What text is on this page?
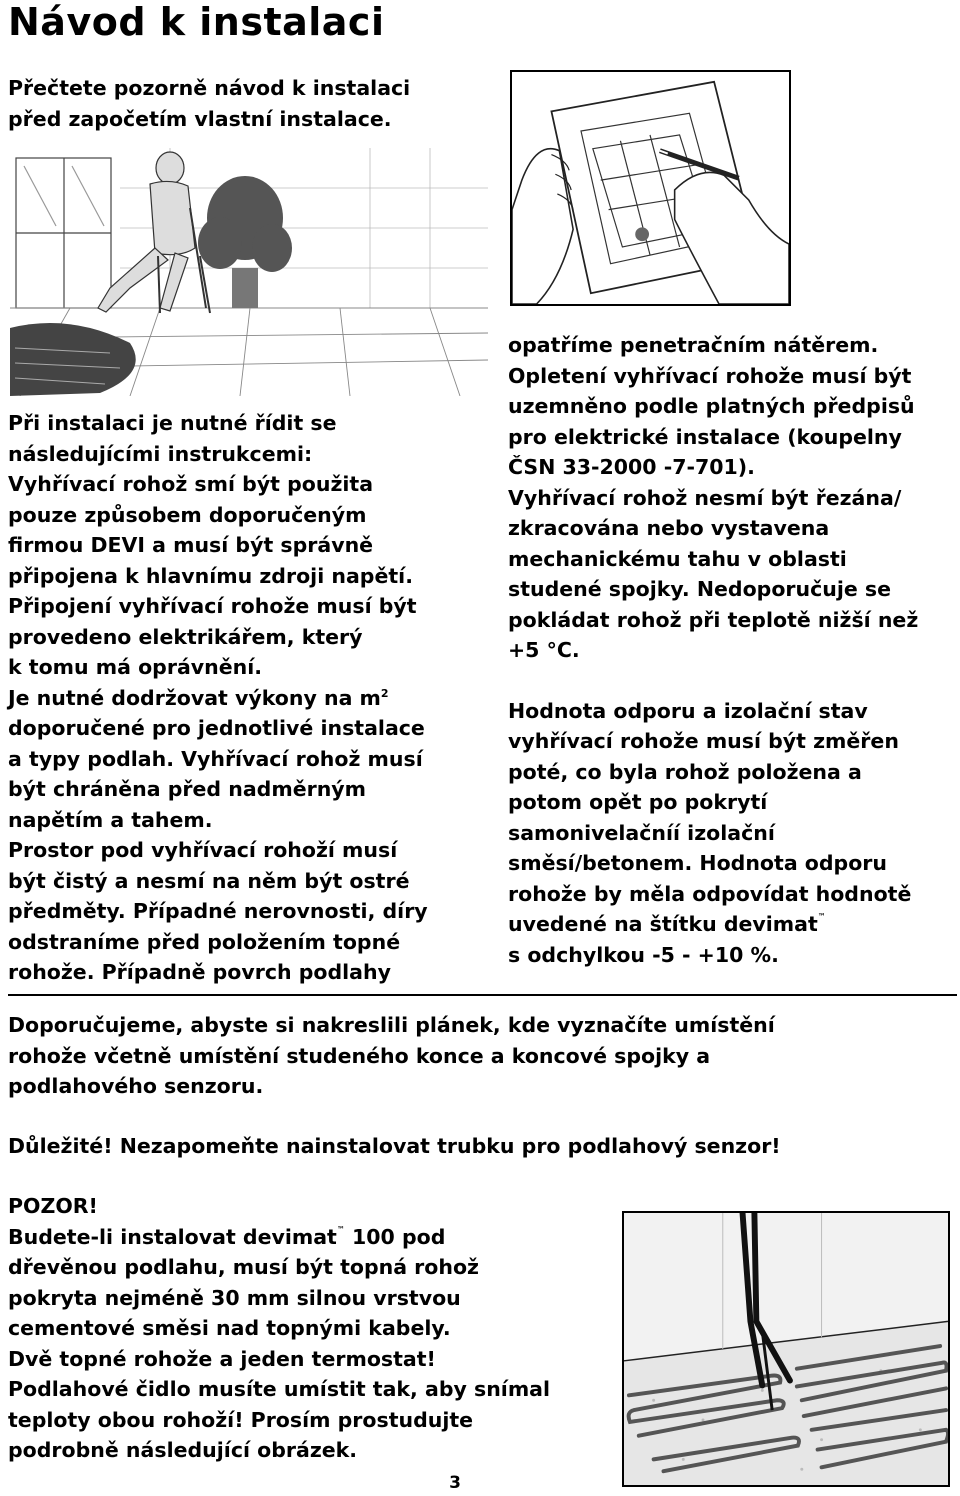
Návod k instalaci

Přečtete pozorně návod k instalaci

před započetím vlastní instalace.

Při instalaci je nutné řídit se

následujícími instrukcemi:

Vyhřívací rohož smí být použita

pouze způsobem doporučeným

firmou DEVI a musí být správně

připojena k hlavnímu zdroji napětí.

Připojení vyhřívací rohože musí být

provedeno elektrikářem, který

k tomu má oprávnění.

Je nutné dodržovat výkony na $m^2$

doporučené pro jednotlivé instalace

a typy podlah. Vyhřívací rohož musí

být chráněna před nadměrným

napětím a tahem.

Prostor pod vyhřívací rohoží musí

být čistý a nesmí na něm být ostré

předměty. Případné nerovnosti, díry

odstraníme před položením topné

rohože. Případně povrch podlahy

opatříme penetračním nátěrem.

Opletení vyhřívací rohože musí být

uzemněno podle platných předpisů

pro elektrické instalace (koupelny

ČSN 33-2000 -7-701).

Vyhřívací rohož nesmí být řezána/

zkracována nebo vystavena

mechanickému tahu v oblasti

studené spojky. Nedoporučuje se

pokládat rohož při teplotě nižší než

+5 °C.

Hodnota odporu a izolační stav

vyhřívací rohože musí být změřen

poté, co byla rohož položena a

potom opět po pokrytí

samonivelačníí izolační

směsí/betonem. Hodnota odporu

rohože by měla odpovídat hodnotě

uvedené na štítku devimat™

s odchylkou -5 - +10 %.

Doporučujeme, abyste si nakreslili plánek, kde vyznačíte umístění

rohože včetně umístění studeného konce a koncové spojky a

podlahového senzoru.

Důležité! Nezapomeňte nainstalovat trubku pro podlahový senzor!

POZOR!

Budete-li instalovat devimat™ 100 pod

dřevěnou podlahu, musí být topná rohož

pokryta nejméně 30 mm silnou vrstvou

cementové směsi nad topnými kabely.

Dvě topné rohože a jeden termostat!

Podlahové čidlo musíte umístit tak, aby snímal

teploty obou rohoží! Prosím prostudujte

podrobně následující obrázek.

3
